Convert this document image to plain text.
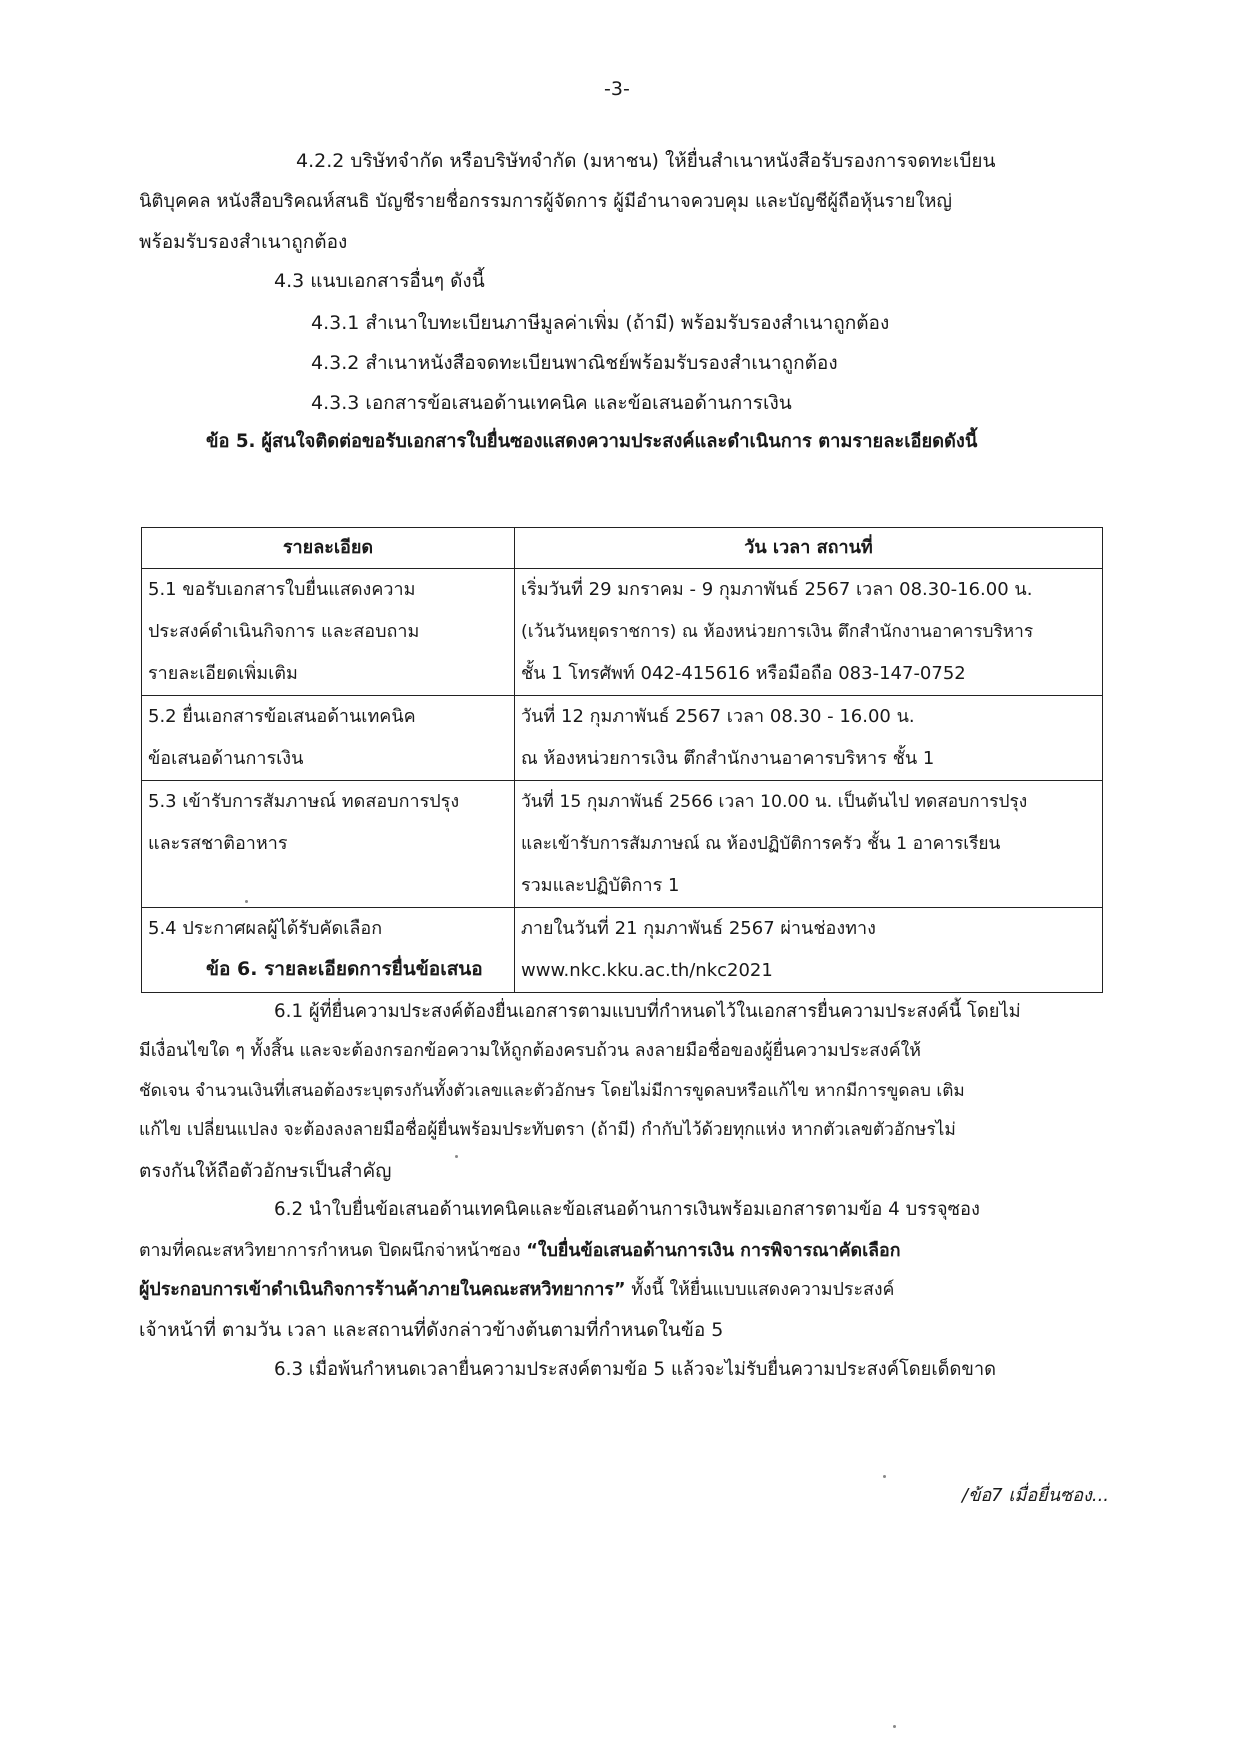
-3-
4.2.2 บริษัทจำกัด หรือบริษัทจำกัด (มหาชน) ให้ยื่นสำเนาหนังสือรับรองการจดทะเบียน
นิติบุคคล หนังสือบริคณห์สนธิ บัญชีรายชื่อกรรมการผู้จัดการ ผู้มีอำนาจควบคุม และบัญชีผู้ถือหุ้นรายใหญ่
พร้อมรับรองสำเนาถูกต้อง
4.3 แนบเอกสารอื่นๆ ดังนี้
4.3.1 สำเนาใบทะเบียนภาษีมูลค่าเพิ่ม (ถ้ามี) พร้อมรับรองสำเนาถูกต้อง
4.3.2 สำเนาหนังสือจดทะเบียนพาณิชย์พร้อมรับรองสำเนาถูกต้อง
4.3.3 เอกสารข้อเสนอด้านเทคนิค และข้อเสนอด้านการเงิน
ข้อ 5. ผู้สนใจติดต่อขอรับเอกสารใบยื่นซองแสดงความประสงค์และดำเนินการ ตามรายละเอียดดังนี้
รายละเอียด	วัน เวลา สถานที่

5.1 ขอรับเอกสารใบยื่นแสดงความ
ประสงค์ดำเนินกิจการ และสอบถาม
รายละเอียดเพิ่มเติม	เริ่มวันที่ 29 มกราคม - 9 กุมภาพันธ์ 2567 เวลา 08.30-16.00 น.
(เว้นวันหยุดราชการ) ณ ห้องหน่วยการเงิน ตึกสำนักงานอาคารบริหาร
ชั้น 1 โทรศัพท์ 042-415616 หรือมือถือ 083-147-0752

5.2 ยื่นเอกสารข้อเสนอด้านเทคนิค
ข้อเสนอด้านการเงิน	วันที่ 12 กุมภาพันธ์ 2567 เวลา 08.30 - 16.00 น.
ณ ห้องหน่วยการเงิน ตึกสำนักงานอาคารบริหาร ชั้น 1

5.3 เข้ารับการสัมภาษณ์ ทดสอบการปรุง
และรสชาติอาหาร	วันที่ 15 กุมภาพันธ์ 2566 เวลา 10.00 น. เป็นต้นไป ทดสอบการปรุง
และเข้ารับการสัมภาษณ์ ณ ห้องปฏิบัติการครัว ชั้น 1 อาคารเรียน
รวมและปฏิบัติการ 1

5.4 ประกาศผลผู้ได้รับคัดเลือก	ภายในวันที่ 21 กุมภาพันธ์ 2567 ผ่านช่องทาง
www.nkc.kku.ac.th/nkc2021
ข้อ 6. รายละเอียดการยื่นข้อเสนอ
6.1 ผู้ที่ยื่นความประสงค์ต้องยื่นเอกสารตามแบบที่กำหนดไว้ในเอกสารยื่นความประสงค์นี้ โดยไม่
มีเงื่อนไขใด ๆ ทั้งสิ้น และจะต้องกรอกข้อความให้ถูกต้องครบถ้วน ลงลายมือชื่อของผู้ยื่นความประสงค์ให้
ชัดเจน จำนวนเงินที่เสนอต้องระบุตรงกันทั้งตัวเลขและตัวอักษร โดยไม่มีการขูดลบหรือแก้ไข หากมีการขูดลบ เติม
แก้ไข เปลี่ยนแปลง จะต้องลงลายมือชื่อผู้ยื่นพร้อมประทับตรา (ถ้ามี) กำกับไว้ด้วยทุกแห่ง หากตัวเลขตัวอักษรไม่
ตรงกันให้ถือตัวอักษรเป็นสำคัญ
6.2 นำใบยื่นข้อเสนอด้านเทคนิคและข้อเสนอด้านการเงินพร้อมเอกสารตามข้อ 4 บรรจุซอง
ตามที่คณะสหวิทยาการกำหนด ปิดผนึกจ่าหน้าซอง “ใบยื่นข้อเสนอด้านการเงิน การพิจารณาคัดเลือก
ผู้ประกอบการเข้าดำเนินกิจการร้านค้าภายในคณะสหวิทยาการ” ทั้งนี้ ให้ยื่นแบบแสดงความประสงค์
เจ้าหน้าที่ ตามวัน เวลา และสถานที่ดังกล่าวข้างต้นตามที่กำหนดในข้อ 5
6.3 เมื่อพ้นกำหนดเวลายื่นความประสงค์ตามข้อ 5 แล้วจะไม่รับยื่นความประสงค์โดยเด็ดขาด
/ข้อ7 เมื่อยื่นซอง...
